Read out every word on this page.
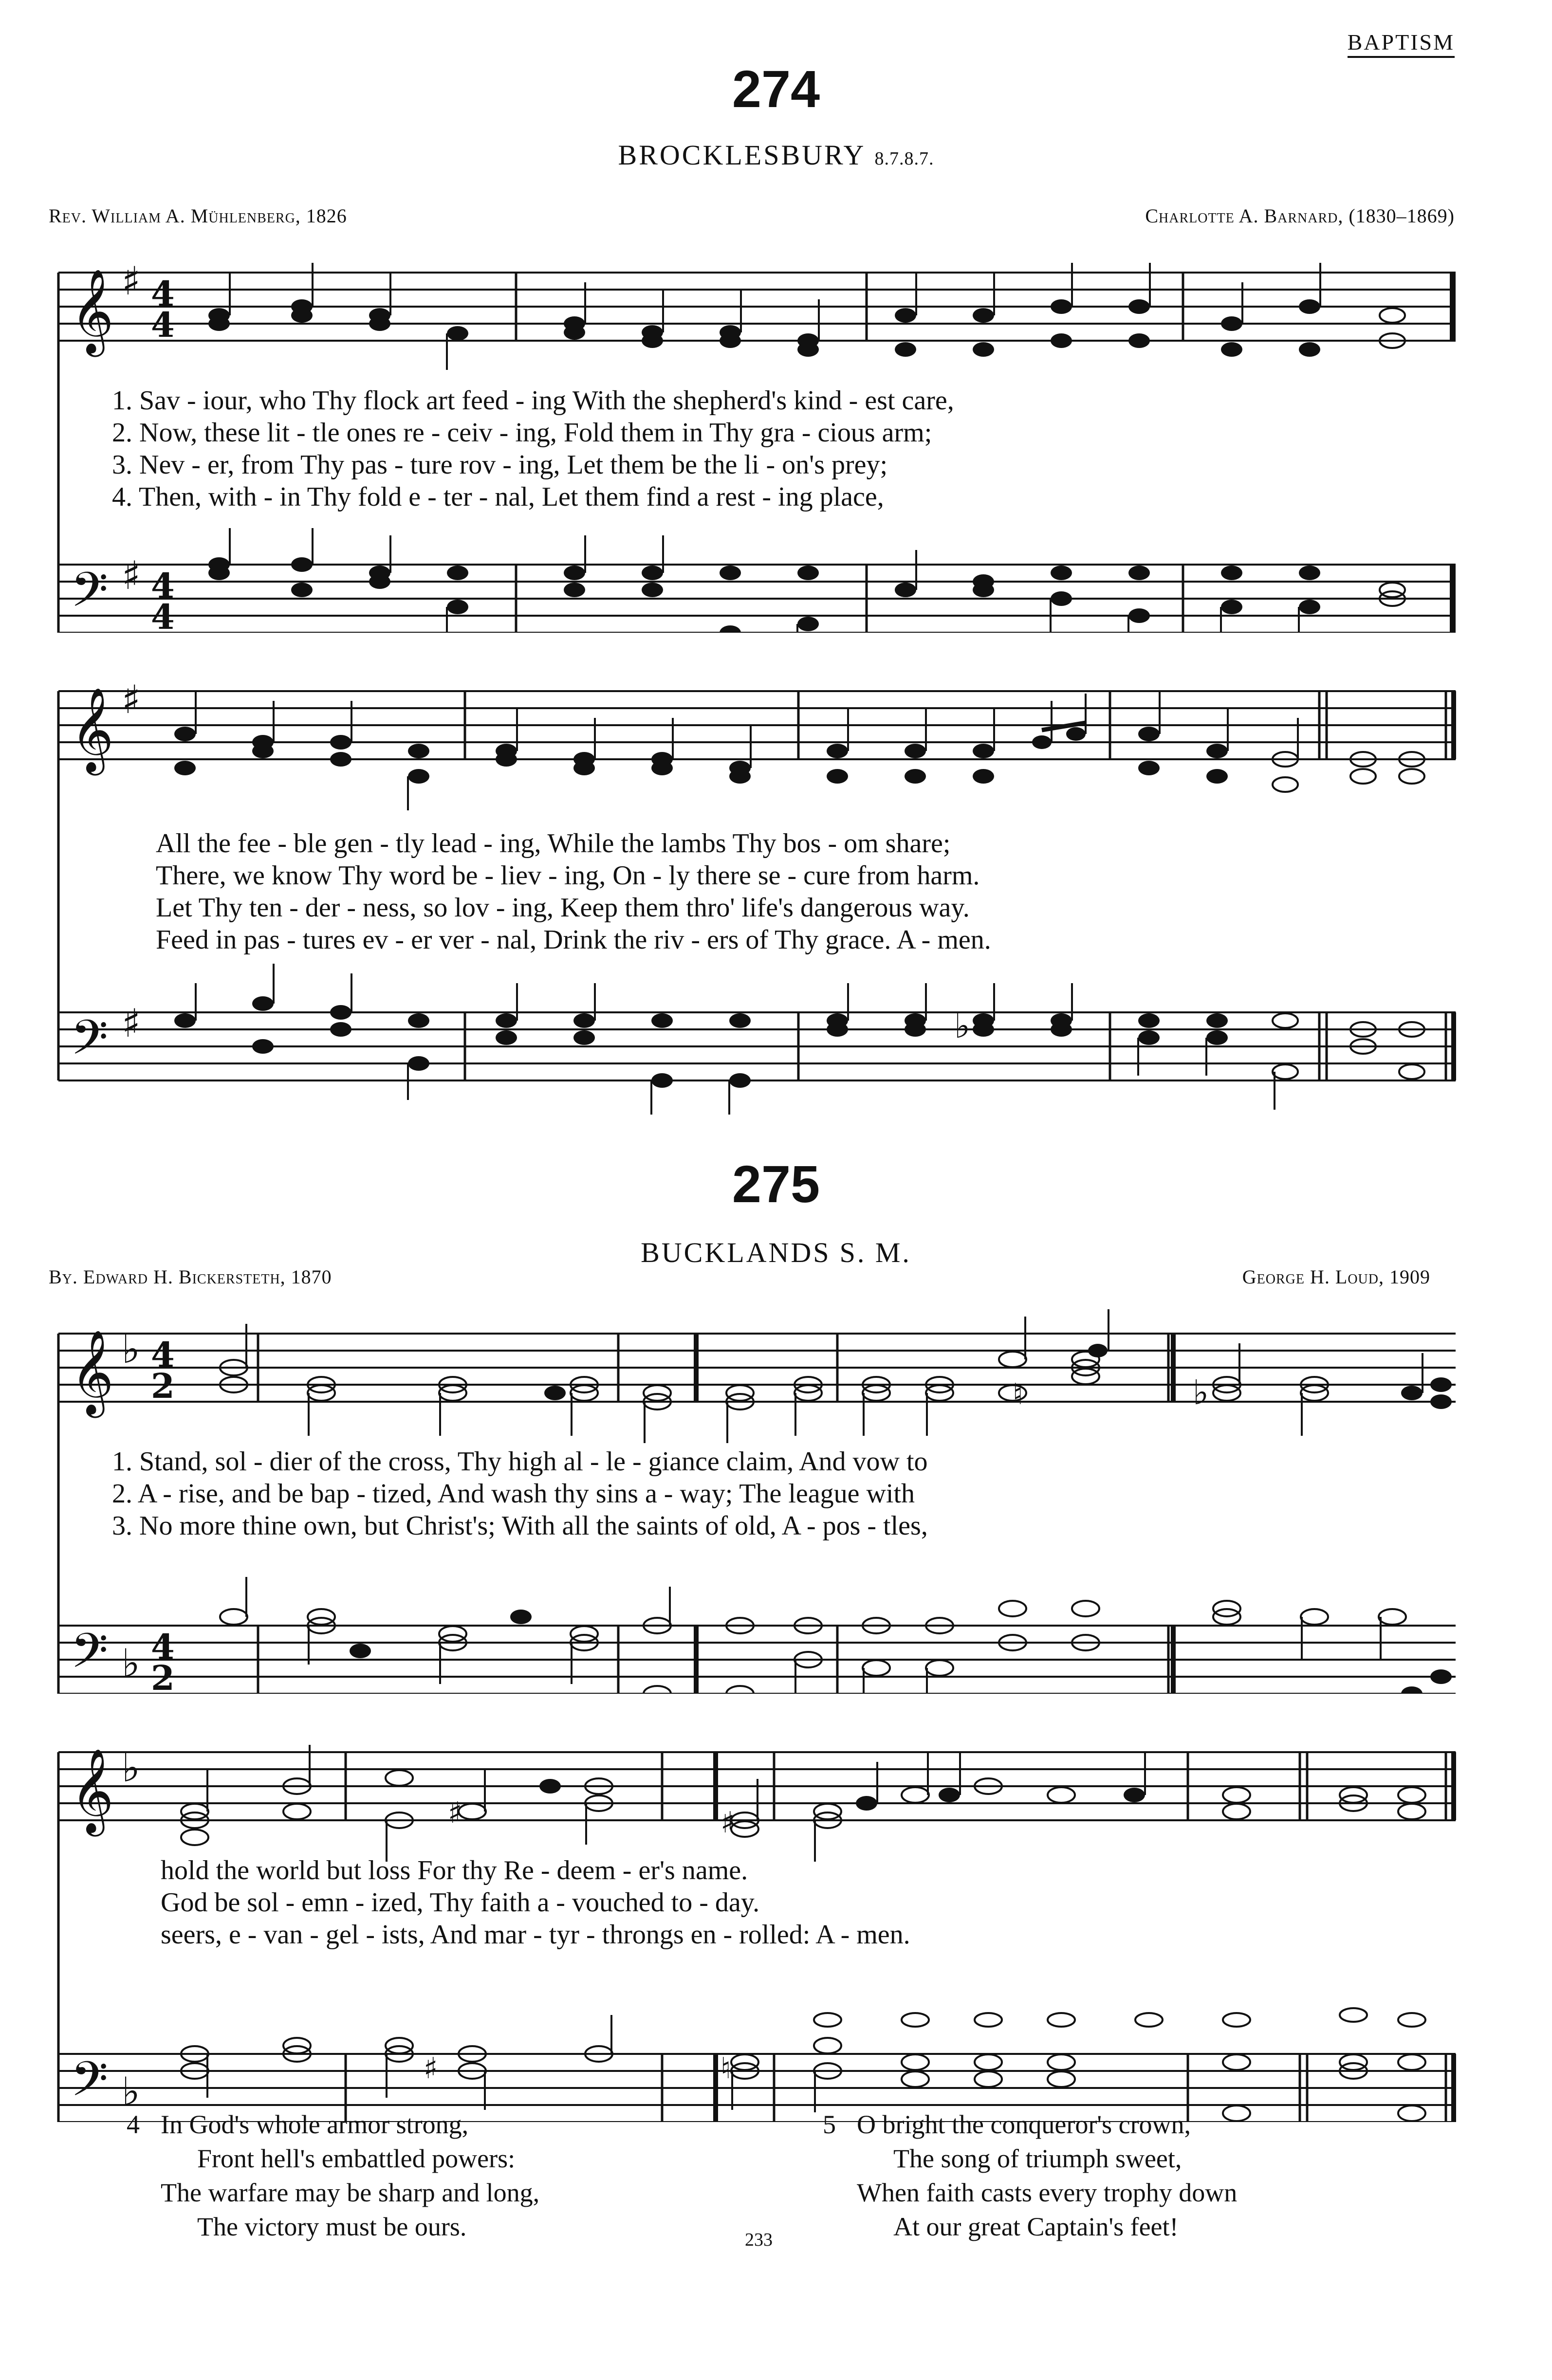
BAPTISM
274
BROCKLESBURY 8.7.8.7.
Rev. William A. Mühlenberg, 1826	Charlotte A. Barnard, (1830–1869)
𝄞 ♯ 4
4
𝄢 ♯ 4
4
1. Sav - iour, who Thy flock art feed - ing With the shepherd's kind - est care,
2. Now, these lit - tle ones re - ceiv - ing, Fold them in Thy gra - cious arm;
3. Nev - er, from Thy pas - ture rov - ing, Let them be the li - on's prey;
4. Then, with - in Thy fold e - ter - nal, Let them find a rest - ing place,
𝄞 ♯
𝄢 ♯	♭
All the fee - ble gen - tly lead - ing, While the lambs Thy bos - om share;
There, we know Thy word be - liev - ing, On - ly there se - cure from harm.
Let Thy ten - der - ness, so lov - ing, Keep them thro' life's dangerous way.
Feed in pas - tures ev - er ver - nal, Drink the riv - ers of Thy grace. A - men.
275
BUCKLANDS S. M.
By. Edward H. Bickersteth, 1870	George H. Loud, 1909
𝄞 ♭ 4
2
𝄢 ♭ 4
2
♮	♭
1. Stand, sol - dier of the cross, Thy high al - le - giance claim, And vow to
2. A - rise, and be bap - tized, And wash thy sins a - way; The league with
3. No more thine own, but Christ's; With all the saints of old, A - pos - tles,
𝄞 ♭
𝄢 ♭
♯	♯
♯	♮
hold the world but loss For thy Re - deem - er's name.
God be sol - emn - ized, Thy faith a - vouched to - day.
seers, e - van - gel - ists, And mar - tyr - throngs en - rolled: A - men.
4 In God's whole armor strong,
Front hell's embattled powers:
The warfare may be sharp and long,
The victory must be ours.	233
5 O bright the conqueror's crown,
The song of triumph sweet,
When faith casts every trophy down
At our great Captain's feet!
